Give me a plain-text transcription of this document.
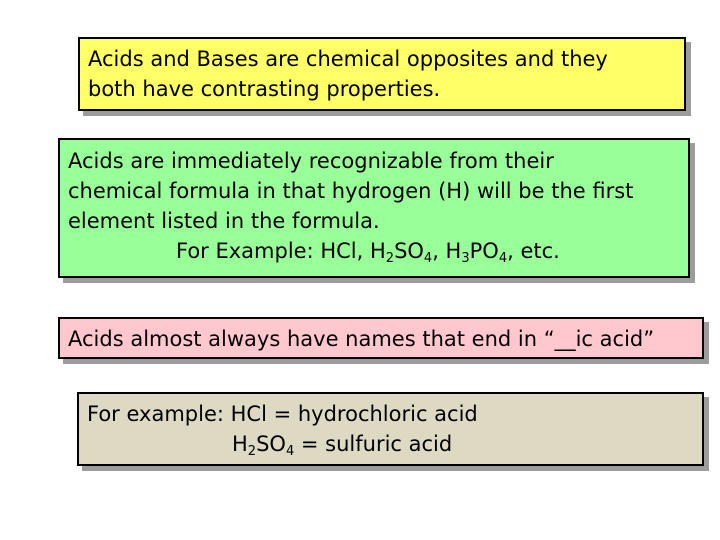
Acids and Bases are chemical opposites and they
both have contrasting properties.
Acids are immediately recognizable from their
chemical formula in that hydrogen (H) will be the first
element listed in the formula.
For Example: HCl, $H_2SO_4$, $H_3PO_4$, etc.
Acids almost always have names that end in “__ic acid”
For example: HCl = hydrochloric acid
$H_2SO_4$ = sulfuric acid
